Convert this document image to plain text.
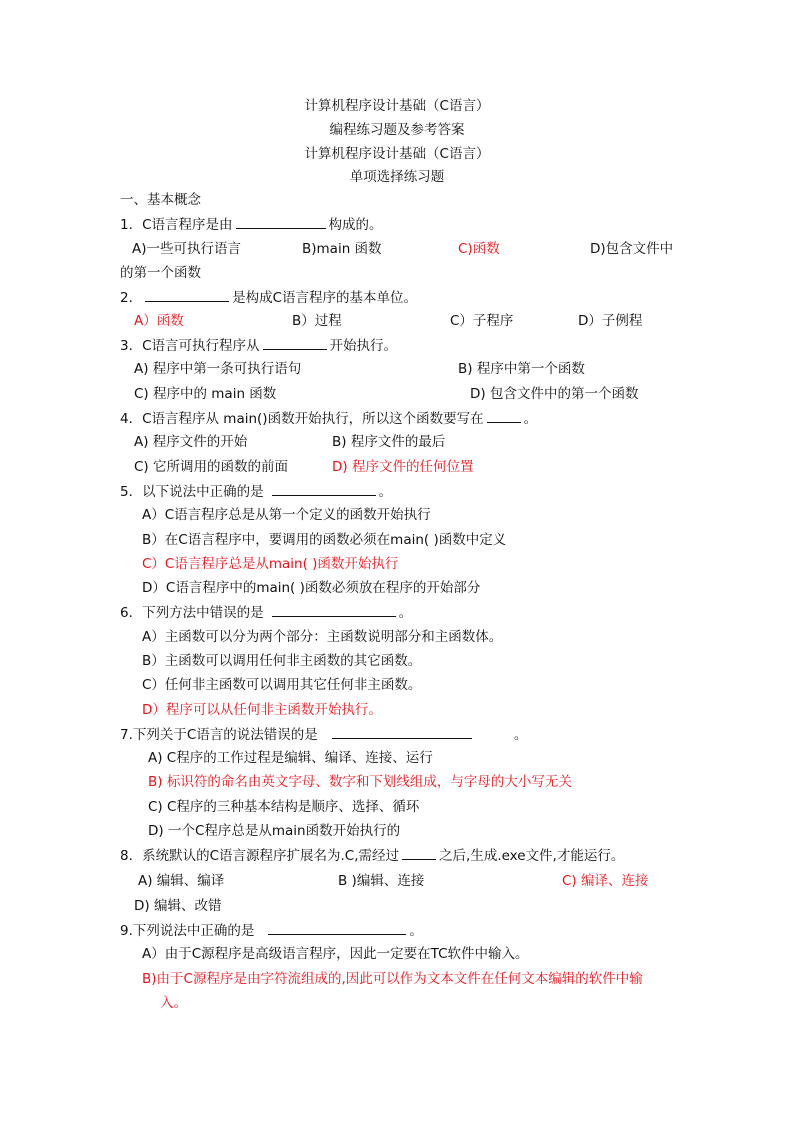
计算机程序设计基础（C语言）
编程练习题及参考答案
计算机程序设计基础（C语言）
单项选择练习题
一、基本概念
1．C语言程序是由	构成的。
A)一些可执行语言	B)main 函数	C)函数	D)包含文件中
的第一个函数
2．	是构成C语言程序的基本单位。
A）函数	B）过程	C）子程序	D）子例程
3．C语言可执行程序从	开始执行。
A) 程序中第一条可执行语句	B) 程序中第一个函数
C) 程序中的 main 函数	D) 包含文件中的第一个函数
4．C语言程序从 main()函数开始执行，所以这个函数要写在	。
A) 程序文件的开始	B) 程序文件的最后
C) 它所调用的函数的前面	D) 程序文件的任何位置
5．以下说法中正确的是	。
A）C语言程序总是从第一个定义的函数开始执行
B）在C语言程序中，要调用的函数必须在main( )函数中定义
C）C语言程序总是从main( )函数开始执行
D）C语言程序中的main( )函数必须放在程序的开始部分
6．下列方法中错误的是	。
A）主函数可以分为两个部分：主函数说明部分和主函数体。
B）主函数可以调用任何非主函数的其它函数。
C）任何非主函数可以调用其它任何非主函数。
D）程序可以从任何非主函数开始执行。
7.下列关于C语言的说法错误的是	。
A) C程序的工作过程是编辑、编译、连接、运行
B) 标识符的命名由英文字母、数字和下划线组成，与字母的大小写无关
C) C程序的三种基本结构是顺序、选择、循环
D) 一个C程序总是从main函数开始执行的
8．系统默认的C语言源程序扩展名为.C,需经过	之后,生成.exe文件,才能运行。
A) 编辑、编译	B )编辑、连接	C) 编译、连接
D) 编辑、改错
9.下列说法中正确的是	。
A）由于C源程序是高级语言程序，因此一定要在TC软件中输入。
B)由于C源程序是由字符流组成的,因此可以作为文本文件在任何文本编辑的软件中输
入。
